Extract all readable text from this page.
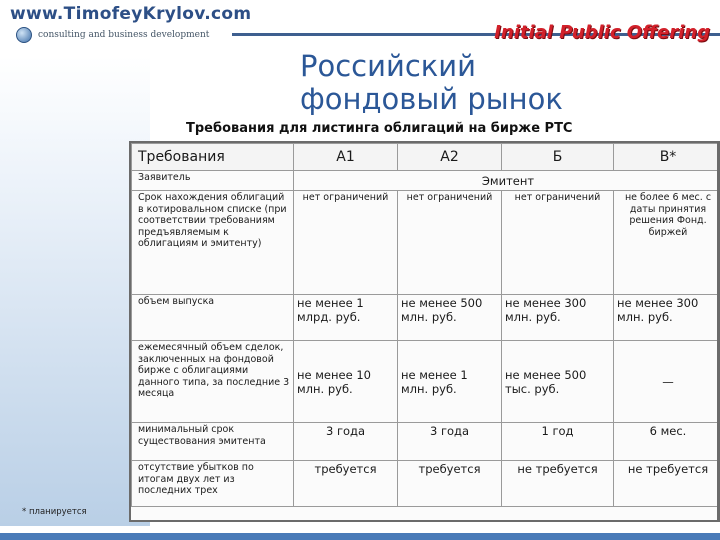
www.TimofeyKrylov.com
consulting and business development	Initial Public Offering
Российский
фондовый рынок
Требования для листинга облигаций на бирже РТС
Требования	А1	А2	Б	В*
Заявитель	Эмитент			
Срок нахождения облигаций в котировальном списке (при соответствии требованиям предъявляемым к облигациям и эмитенту)	нет ограничений	нет ограничений	нет ограничений	не более 6 мес. с даты принятия решения Фонд. биржей
объем выпуска	не менее 1 млрд. руб.	не менее 500 млн. руб.	не менее 300 млн. руб.	не менее 300 млн. руб.
ежемесячный объем сделок, заключенных на фондовой бирже с облигациями данного типа, за последние 3 месяца	не менее 10 млн. руб.	не менее 1 млн. руб.	не менее 500 тыс. руб.	—
минимальный срок существования эмитента	3 года	3 года	1 год	6 мес.
отсутствие убытков по итогам двух лет из последних трех	требуется	требуется	не требуется	не требуется
* планируется
